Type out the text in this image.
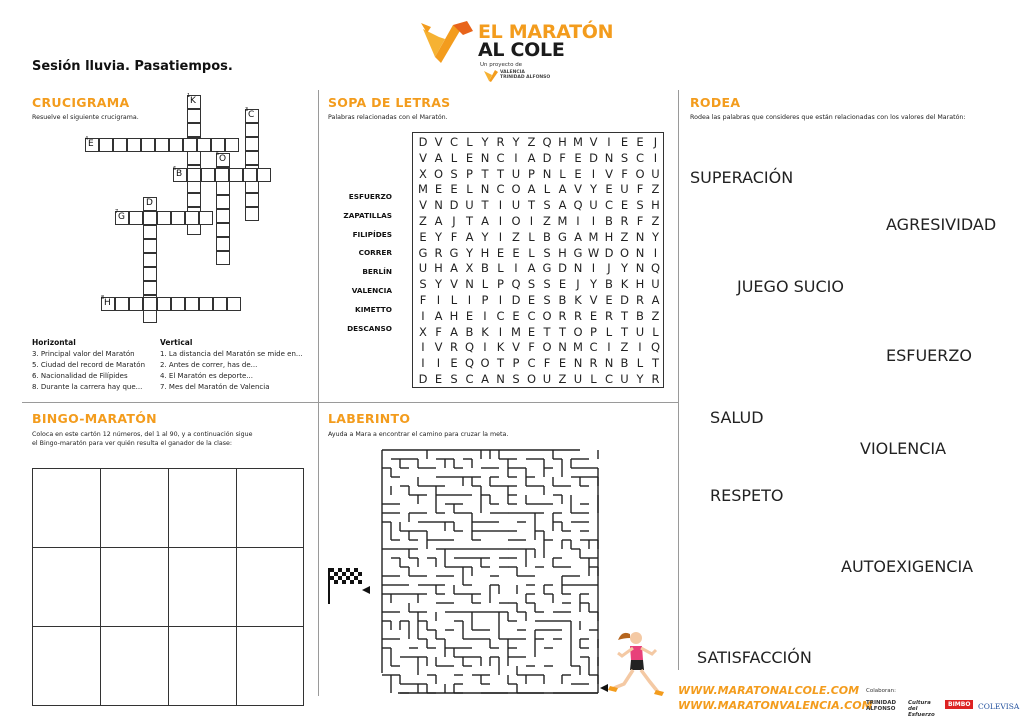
Sesión lluvia. Pasatiempos.
EL MARATÓN
AL COLE
Un proyecto de
VALENCIA
TRINIDAD ALFONSO
CRUCIGRAMA
Resuelve el siguiente crucigrama.
K
C
E
O
B
D
G
H
1
3
4
5
6
7
8
Horizontal	Vertical
3. Principal valor del Maratón
5. Ciudad del record de Maratón
6. Nacionalidad de Filípides
8. Durante la carrera hay que...
1. La distancia del Maratón se mide en...
2. Antes de correr, has de...
4. El Maratón es deporte...
7. Mes del Maratón de Valencia
SOPA DE LETRAS
Palabras relacionadas con el Maratón.
D V C L Y R Y Z Q H M V I E E J
V A L E N C I A D F E D N S C I
X O S P T T U P N L E I V F O U
M E E L N C O A L A V Y E U F Z
V N D U T I U T S A Q U C E S H
Z A J T A I O I Z M I	I B R F Z
E Y F A Y I Z L B G A M H Z N Y
G R G Y H E E L S H G W D O N I
U H A X B L I A G D N I	J Y N Q
S Y V N L P Q S S E J Y B K H U
F I L I P I D E S B K V E D R A
I A H E I C E C O R R E R T B Z
X F A B K I M E T T O P L T U L
I V R Q I K V F O N M C I Z I Q
I	I E Q O T P C F E N R N B L T
D E S C A N S O U Z U L C U Y R
ESFUERZO
ZAPATILLAS
FILIPÍDES
CORRER
BERLÍN
VALENCIA
KIMETTO
DESCANSO
RODEA
Rodea las palabras que consideres que están relacionadas con los valores del Maratón:
SUPERACIÓN
AGRESIVIDAD
JUEGO SUCIO
ESFUERZO
SALUD
VIOLENCIA
RESPETO
AUTOEXIGENCIA
SATISFACCIÓN
BINGO-MARATÓN
Coloca en este cartón 12 números, del 1 al 90, y a continuación sigue
el Bingo-maratón para ver quién resulta el ganador de la clase:
LABERINTO
Ayuda a Mara a encontrar el camino para cruzar la meta.
WWW.MARATONALCOLE.COM
WWW.MARATONVALENCIA.COM
Colaboran:
TRINIDAD ALFONSO
Cultura del Esfuerzo
BIMBO	COLEVISA
